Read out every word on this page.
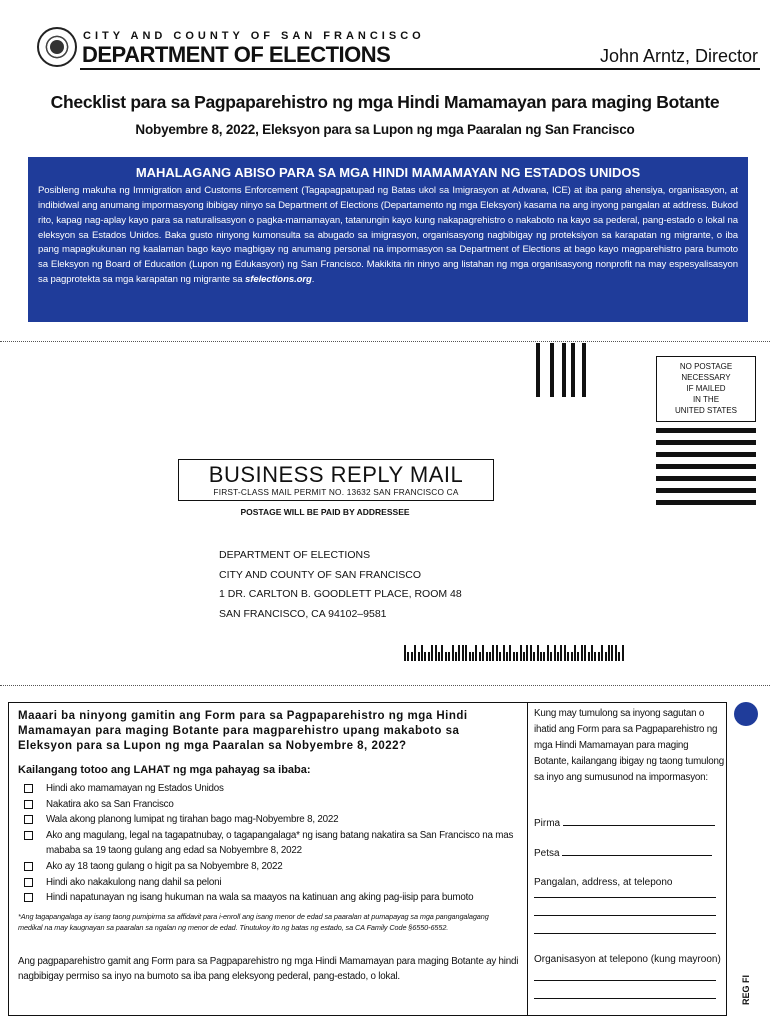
CITY AND COUNTY OF SAN FRANCISCO
DEPARTMENT OF ELECTIONS	John Arntz, Director
Checklist para sa Pagpaparehistro ng mga Hindi Mamamayan para maging Botante
Nobyembre 8, 2022, Eleksyon para sa Lupon ng mga Paaralan ng San Francisco
MAHALAGANG ABISO PARA SA MGA HINDI MAMAMAYAN NG ESTADOS UNIDOS
Posibleng makuha ng Immigration and Customs Enforcement (Tagapagpatupad ng Batas ukol sa Imigrasyon at Adwana, ICE) at iba pang ahensiya, organisasyon, at indibidwal ang anumang impormasyong ibibigay ninyo sa Department of Elections (Departamento ng mga Eleksyon) kasama na ang inyong pangalan at address. Bukod rito, kapag nag-aplay kayo para sa naturalisasyon o pagka-mamamayan, tatanungin kayo kung nakapagrehistro o nakaboto na kayo sa pederal, pang-estado o lokal na eleksyon sa Estados Unidos. Baka gusto ninyong kumonsulta sa abugado sa imigrasyon, organisasyong nagbibigay ng proteksiyon sa karapatan ng migrante, o iba pang mapagkukunan ng kaalaman bago kayo magbigay ng anumang personal na impormasyon sa Department of Elections at bago kayo magparehistro para bumoto sa Eleksyon ng Board of Education (Lupon ng Edukasyon) ng San Francisco. Makikita rin ninyo ang listahan ng mga organisasyong nonprofit na may espesyalisasyon sa pagprotekta sa mga karapatan ng migrante sa sfelections.org.
NO POSTAGE
NECESSARY
IF MAILED
IN THE
UNITED STATES
BUSINESS REPLY MAIL
FIRST-CLASS MAIL PERMIT NO. 13632 SAN FRANCISCO CA
POSTAGE WILL BE PAID BY ADDRESSEE
DEPARTMENT OF ELECTIONS
CITY AND COUNTY OF SAN FRANCISCO
1 DR. CARLTON B. GOODLETT PLACE, ROOM 48
SAN FRANCISCO, CA 94102–9581
Maaari ba ninyong gamitin ang Form para sa Pagpaparehistro ng mga Hindi Mamamayan para maging Botante para magparehistro upang makaboto sa Eleksyon para sa Lupon ng mga Paaralan sa Nobyembre 8, 2022?
Kailangang totoo ang LAHAT ng mga pahayag sa ibaba:
Hindi ako mamamayan ng Estados Unidos
Nakatira ako sa San Francisco
Wala akong planong lumipat ng tirahan bago mag-Nobyembre 8, 2022
Ako ang magulang, legal na tagapatnubay, o tagapangalaga* ng isang batang nakatira sa San Francisco na mas mababa sa 19 taong gulang ang edad sa Nobyembre 8, 2022
Ako ay 18 taong gulang o higit pa sa Nobyembre 8, 2022
Hindi ako nakakulong nang dahil sa peloni
Hindi napatunayan ng isang hukuman na wala sa maayos na katinuan ang aking pag-iisip para bumoto
*Ang tagapangalaga ay isang taong pumipirma sa affidavit para i-enroll ang isang menor de edad sa paaralan at pumapayag sa mga pangangalagang medikal na may kaugnayan sa paaralan sa ngalan ng menor de edad. Tinutukoy ito ng batas ng estado, sa CA Family Code §6550-6552.
Ang pagpaparehistro gamit ang Form para sa Pagpaparehistro ng mga Hindi Mamamayan para maging Botante ay hindi nagbibigay permiso sa inyo na bumoto sa iba pang eleksyong pederal, pang-estado, o lokal.
Kung may tumulong sa inyong sagutan o ihatid ang Form para sa Pagpaparehistro ng mga Hindi Mamamayan para maging Botante, kailangang ibigay ng taong tumulong sa inyo ang sumusunod na impormasyon:
Pirma
Petsa
Pangalan, address, at telepono
Organisasyon at telepono (kung mayroon)
REG FI
